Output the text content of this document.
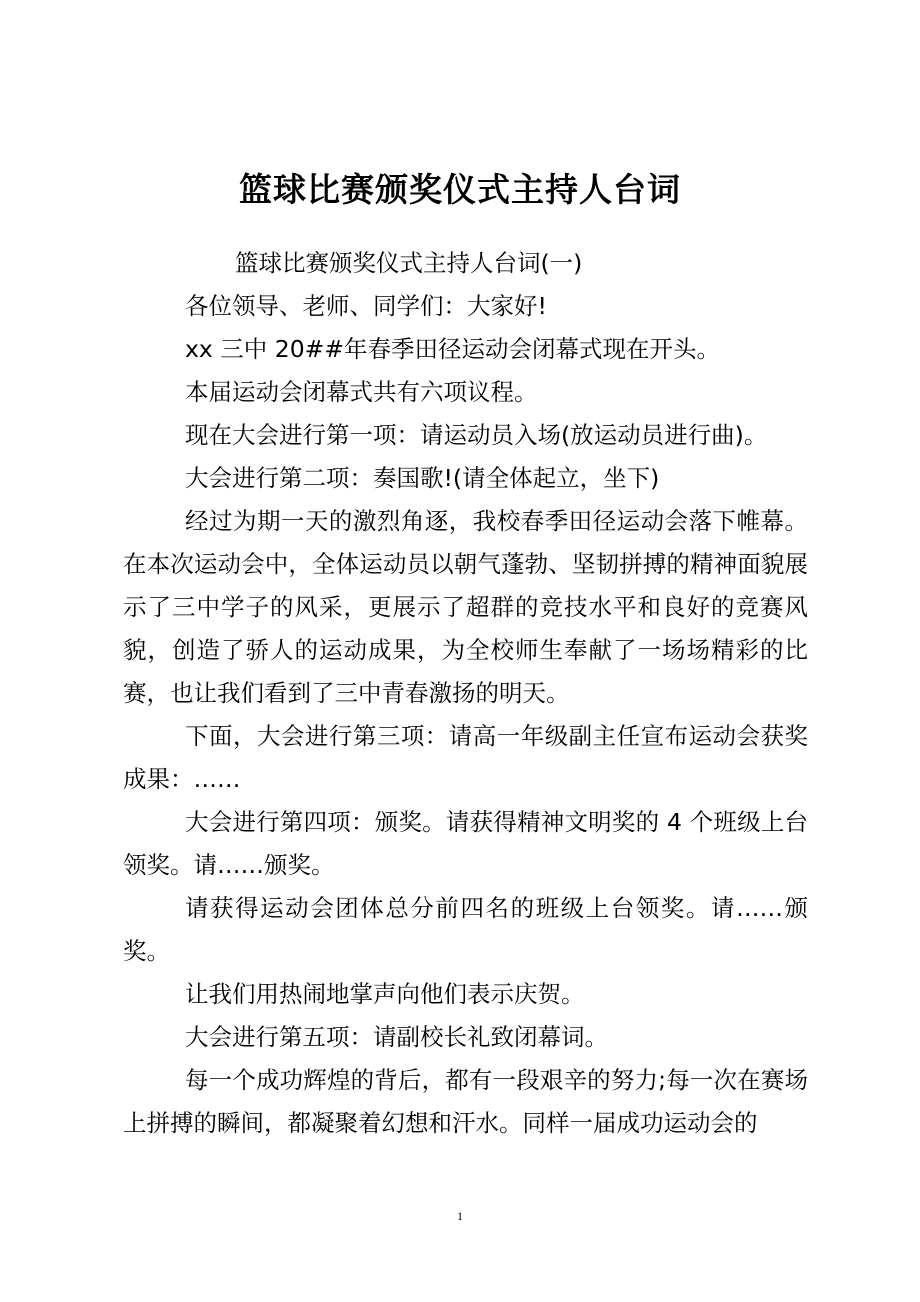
篮球比赛颁奖仪式主持人台词

篮球比赛颁奖仪式主持人台词(一)

各位领导、老师、同学们：大家好!

xx 三中 20##年春季田径运动会闭幕式现在开头。

本届运动会闭幕式共有六项议程。

现在大会进行第一项：请运动员入场(放运动员进行曲)。

大会进行第二项：奏国歌!(请全体起立，坐下)

经过为期一天的激烈角逐，我校春季田径运动会落下帷幕。在本次运动会中，全体运动员以朝气蓬勃、坚韧拼搏的精神面貌展示了三中学子的风采，更展示了超群的竞技水平和良好的竞赛风貌，创造了骄人的运动成果，为全校师生奉献了一场场精彩的比赛，也让我们看到了三中青春激扬的明天。

下面，大会进行第三项：请高一年级副主任宣布运动会获奖成果：……

大会进行第四项：颁奖。请获得精神文明奖的 4 个班级上台领奖。请……颁奖。

请获得运动会团体总分前四名的班级上台领奖。请……颁奖。

让我们用热闹地掌声向他们表示庆贺。

大会进行第五项：请副校长礼致闭幕词。

每一个成功辉煌的背后，都有一段艰辛的努力;每一次在赛场上拼搏的瞬间，都凝聚着幻想和汗水。同样一届成功运动会的

1
